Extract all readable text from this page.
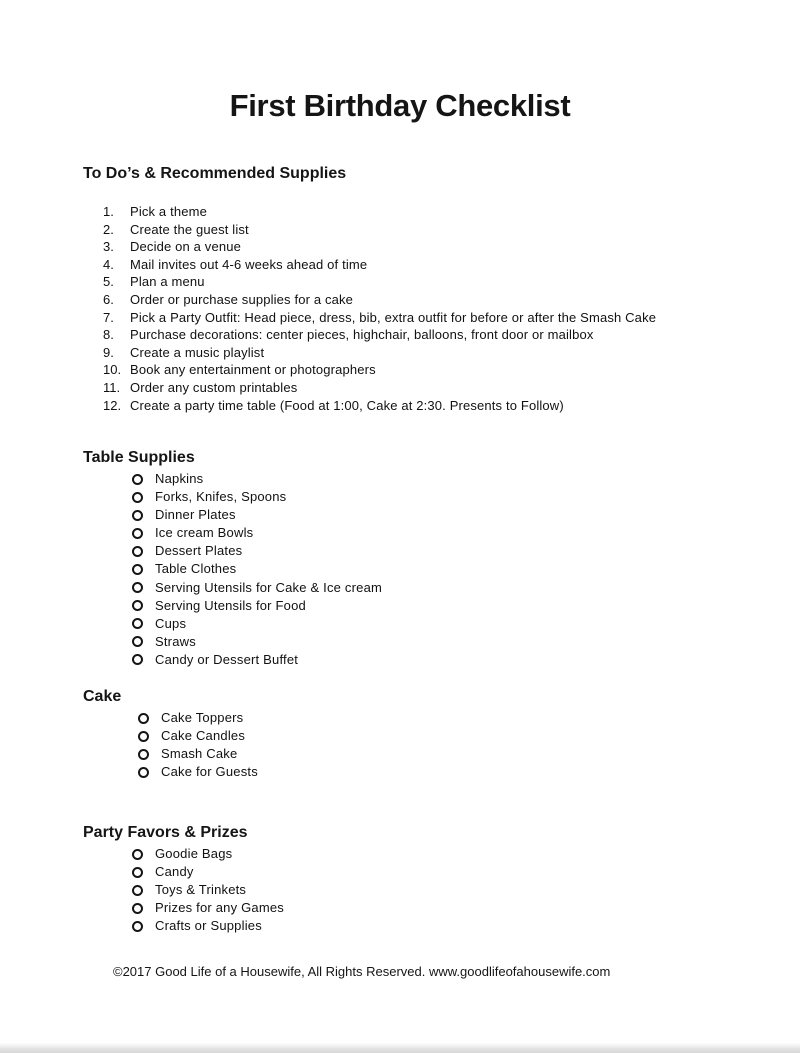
First Birthday Checklist
To Do’s & Recommended Supplies
1.	Pick a theme
2.	Create the guest list
3.	Decide on a venue
4.	Mail invites out 4-6 weeks ahead of time
5.	Plan a menu
6.	Order or purchase supplies for a cake
7.	Pick a Party Outfit: Head piece, dress, bib, extra outfit for before or after the Smash Cake
8.	Purchase decorations: center pieces, highchair, balloons, front door or mailbox
9.	Create a music playlist
10. Book any entertainment or photographers
11. Order any custom printables
12. Create a party time table (Food at 1:00, Cake at 2:30. Presents to Follow)
Table Supplies
Napkins
Forks, Knifes, Spoons
Dinner Plates
Ice cream Bowls
Dessert Plates
Table Clothes
Serving Utensils for Cake & Ice cream
Serving Utensils for Food
Cups
Straws
Candy or Dessert Buffet
Cake
Cake Toppers
Cake Candles
Smash Cake
Cake for Guests
Party Favors & Prizes
Goodie Bags
Candy
Toys & Trinkets
Prizes for any Games
Crafts or Supplies

©2017 Good Life of a Housewife, All Rights Reserved. www.goodlifeofahousewife.com
